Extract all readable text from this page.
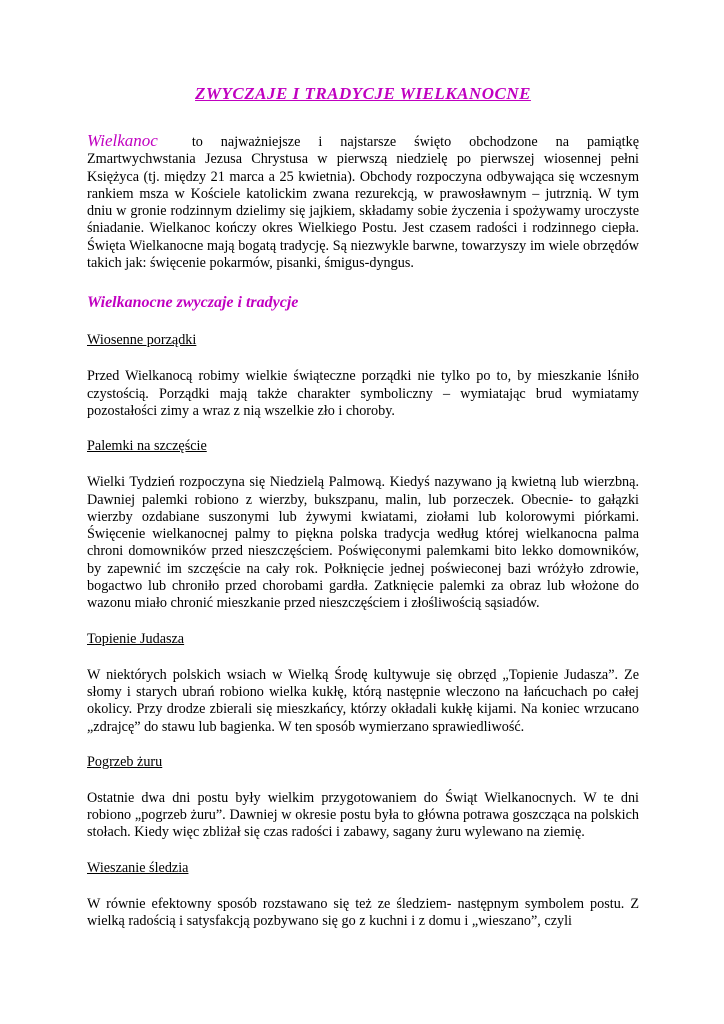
ZWYCZAJE I TRADYCJE WIELKANOCNE
Wielkanoc to najważniejsze i najstarsze święto obchodzone na pamiątkę Zmartwychwstania Jezusa Chrystusa w pierwszą niedzielę po pierwszej wiosennej pełni Księżyca (tj. między 21 marca a 25 kwietnia). Obchody rozpoczyna odbywająca się wczesnym rankiem msza w Kościele katolickim zwana rezurekcją, w prawosławnym – jutrznią. W tym dniu w gronie rodzinnym dzielimy się jajkiem, składamy sobie życzenia i spożywamy uroczyste śniadanie. Wielkanoc kończy okres Wielkiego Postu. Jest czasem radości i rodzinnego ciepła. Święta Wielkanocne mają bogatą tradycję. Są niezwykle barwne, towarzyszy im wiele obrzędów takich jak: święcenie pokarmów, pisanki, śmigus-dyngus.
Wielkanocne zwyczaje i tradycje

Wiosenne porządki

Przed Wielkanocą robimy wielkie świąteczne porządki nie tylko po to, by mieszkanie lśniło czystością. Porządki mają także charakter symboliczny – wymiatając brud wymiatamy pozostałości zimy a wraz z nią wszelkie zło i choroby.

Palemki na szczęście

Wielki Tydzień rozpoczyna się Niedzielą Palmową. Kiedyś nazywano ją kwietną lub wierzbną. Dawniej palemki robiono z wierzby, bukszpanu, malin, lub porzeczek. Obecnie- to gałązki wierzby ozdabiane suszonymi lub żywymi kwiatami, ziołami lub kolorowymi piórkami. Święcenie wielkanocnej palmy to piękna polska tradycja według której wielkanocna palma chroni domowników przed nieszczęściem. Poświęconymi palemkami bito lekko domowników, by zapewnić im szczęście na cały rok. Połknięcie jednej poświeconej bazi wróżyło zdrowie, bogactwo lub chroniło przed chorobami gardła. Zatknięcie palemki za obraz lub włożone do wazonu miało chronić mieszkanie przed nieszczęściem i złośliwością sąsiadów.

Topienie Judasza

W niektórych polskich wsiach w Wielką Środę kultywuje się obrzęd „Topienie Judasza”. Ze słomy i starych ubrań robiono wielka kukłę, którą następnie wleczono na łańcuchach po całej okolicy. Przy drodze zbierali się mieszkańcy, którzy okładali kukłę kijami. Na koniec wrzucano „zdrajcę” do stawu lub bagienka. W ten sposób wymierzano sprawiedliwość.

Pogrzeb żuru

Ostatnie dwa dni postu były wielkim przygotowaniem do Świąt Wielkanocnych. W te dni robiono „pogrzeb żuru”. Dawniej w okresie postu była to główna potrawa goszcząca na polskich stołach. Kiedy więc zbliżał się czas radości i zabawy, sagany żuru wylewano na ziemię.

Wieszanie śledzia

W równie efektowny sposób rozstawano się też ze śledziem- następnym symbolem postu. Z wielką radością i satysfakcją pozbywano się go z kuchni i z domu i „wieszano”, czyli
